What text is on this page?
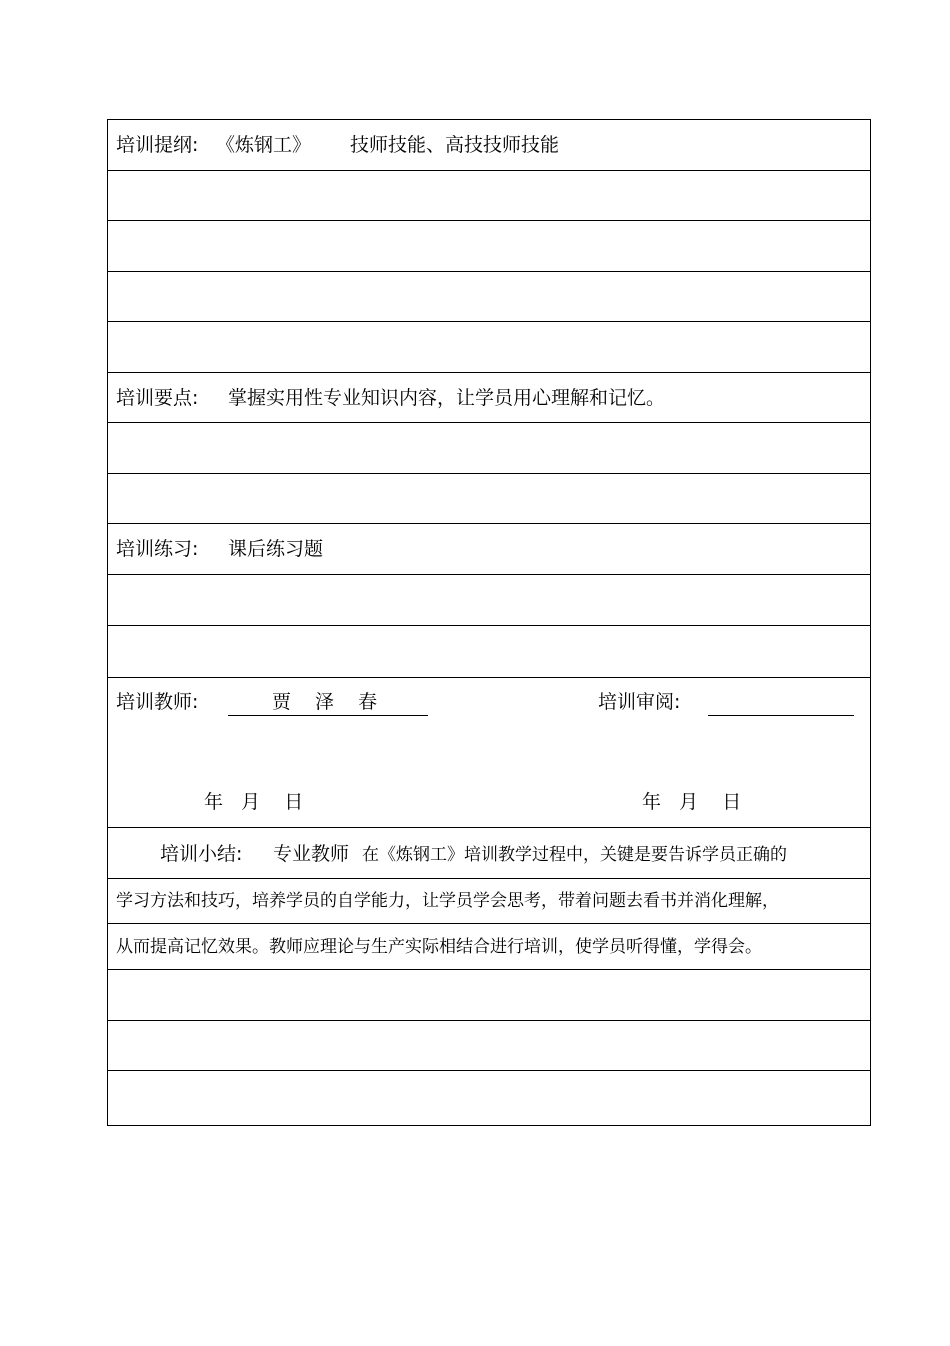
培训提纲: 《炼钢工》 技师技能、高技技师技能
培训要点: 掌握实用性专业知识内容，让学员用心理解和记忆。
培训练习: 课后练习题
培训教师:	贾 泽 春	培训审阅:
年   月    日	年   月    日
培训小结: 专业教师 在《炼钢工》培训教学过程中，关键是要告诉学员正确的
学习方法和技巧，培养学员的自学能力，让学员学会思考，带着问题去看书并消化理解，
从而提高记忆效果。教师应理论与生产实际相结合进行培训，使学员听得懂，学得会。
